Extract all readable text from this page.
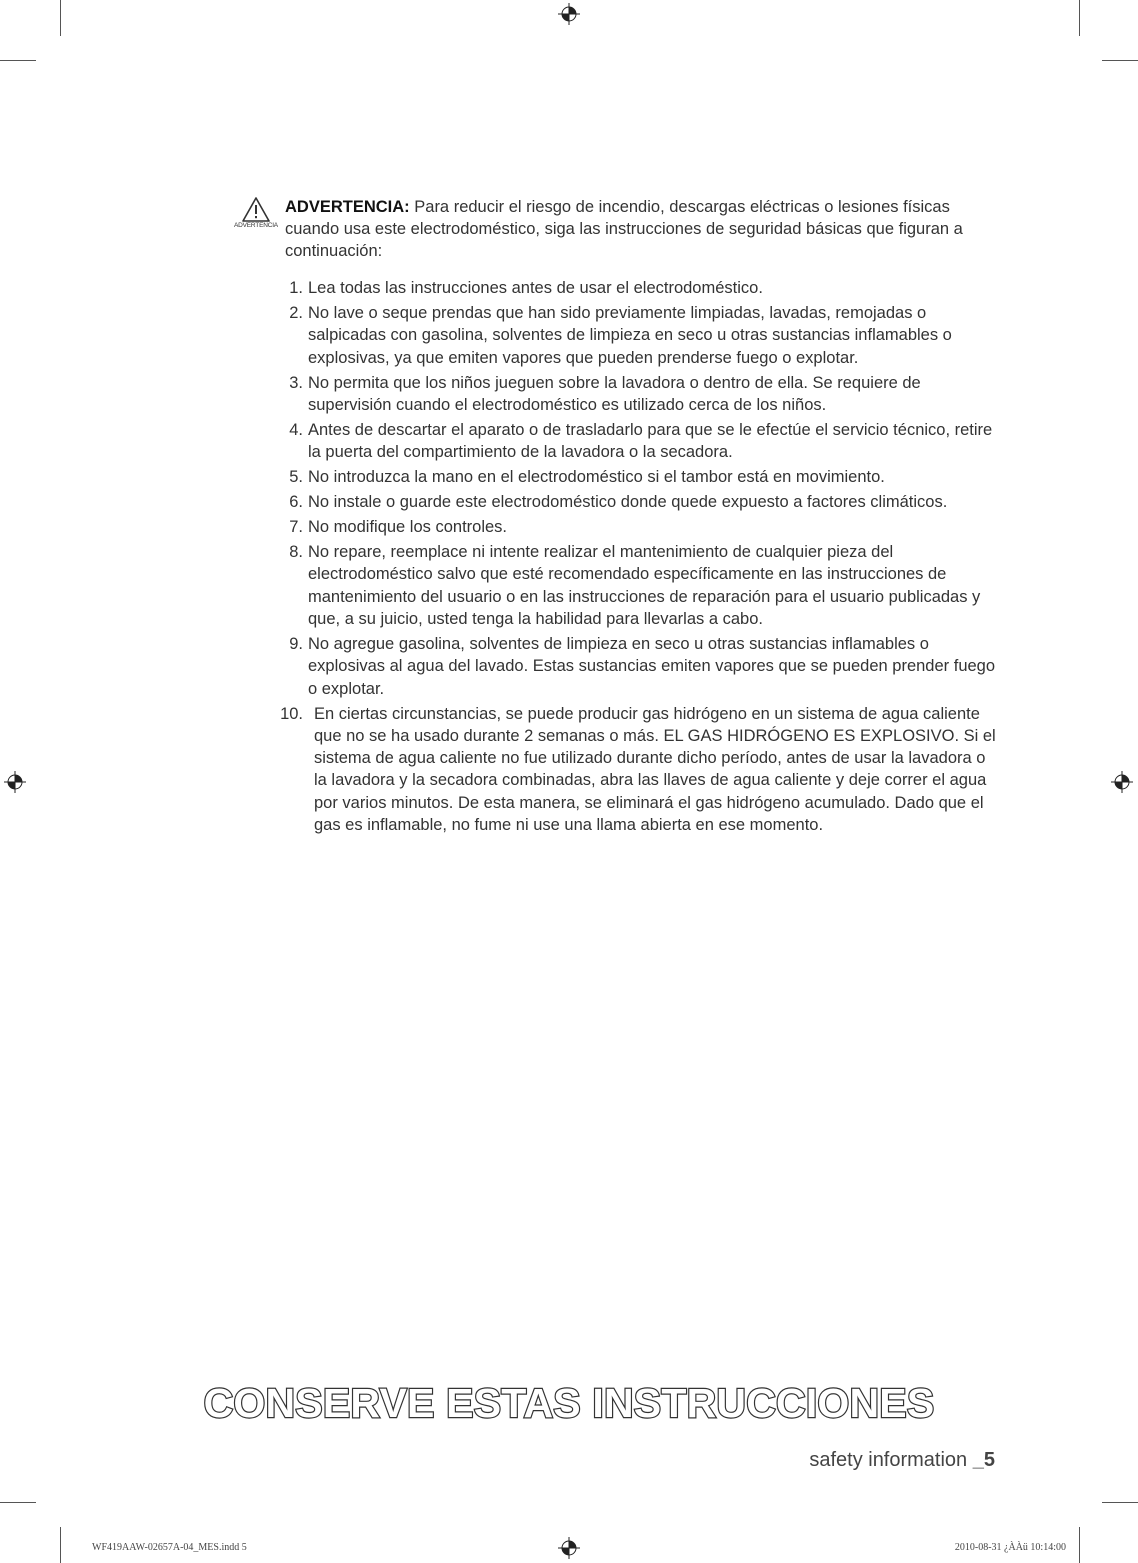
ADVERTENCIA
ADVERTENCIA: Para reducir el riesgo de incendio, descargas eléctricas o lesiones físicas cuando usa este electrodoméstico, siga las instrucciones de seguridad básicas que figuran a continuación:
1. Lea todas las instrucciones antes de usar el electrodoméstico.
2. No lave o seque prendas que han sido previamente limpiadas, lavadas, remojadas o salpicadas con gasolina, solventes de limpieza en seco u otras sustancias inflamables o explosivas, ya que emiten vapores que pueden prenderse fuego o explotar.
3. No permita que los niños jueguen sobre la lavadora o dentro de ella. Se requiere de supervisión cuando el electrodoméstico es utilizado cerca de los niños.
4. Antes de descartar el aparato o de trasladarlo para que se le efectúe el servicio técnico, retire la puerta del compartimiento de la lavadora o la secadora.
5. No introduzca la mano en el electrodoméstico si el tambor está en movimiento.
6. No instale o guarde este electrodoméstico donde quede expuesto a factores climáticos.
7. No modifique los controles.
8. No repare, reemplace ni intente realizar el mantenimiento de cualquier pieza del electrodoméstico salvo que esté recomendado específicamente en las instrucciones de mantenimiento del usuario o en las instrucciones de reparación para el usuario publicadas y que, a su juicio, usted tenga la habilidad para llevarlas a cabo.
9. No agregue gasolina, solventes de limpieza en seco u otras sustancias inflamables o explosivas al agua del lavado. Estas sustancias emiten vapores que se pueden prender fuego o explotar.
10. En ciertas circunstancias, se puede producir gas hidrógeno en un sistema de agua caliente que no se ha usado durante 2 semanas o más. EL GAS HIDRÓGENO ES EXPLOSIVO. Si el sistema de agua caliente no fue utilizado durante dicho período, antes de usar la lavadora o la lavadora y la secadora combinadas, abra las llaves de agua caliente y deje correr el agua por varios minutos. De esta manera, se eliminará el gas hidrógeno acumulado. Dado que el gas es inflamable, no fume ni use una llama abierta en ese momento.
CONSERVE ESTAS INSTRUCCIONES
safety information _5
WF419AAW-02657A-04_MES.indd 5	2010-08-31 ¿ÀÀü 10:14:00
